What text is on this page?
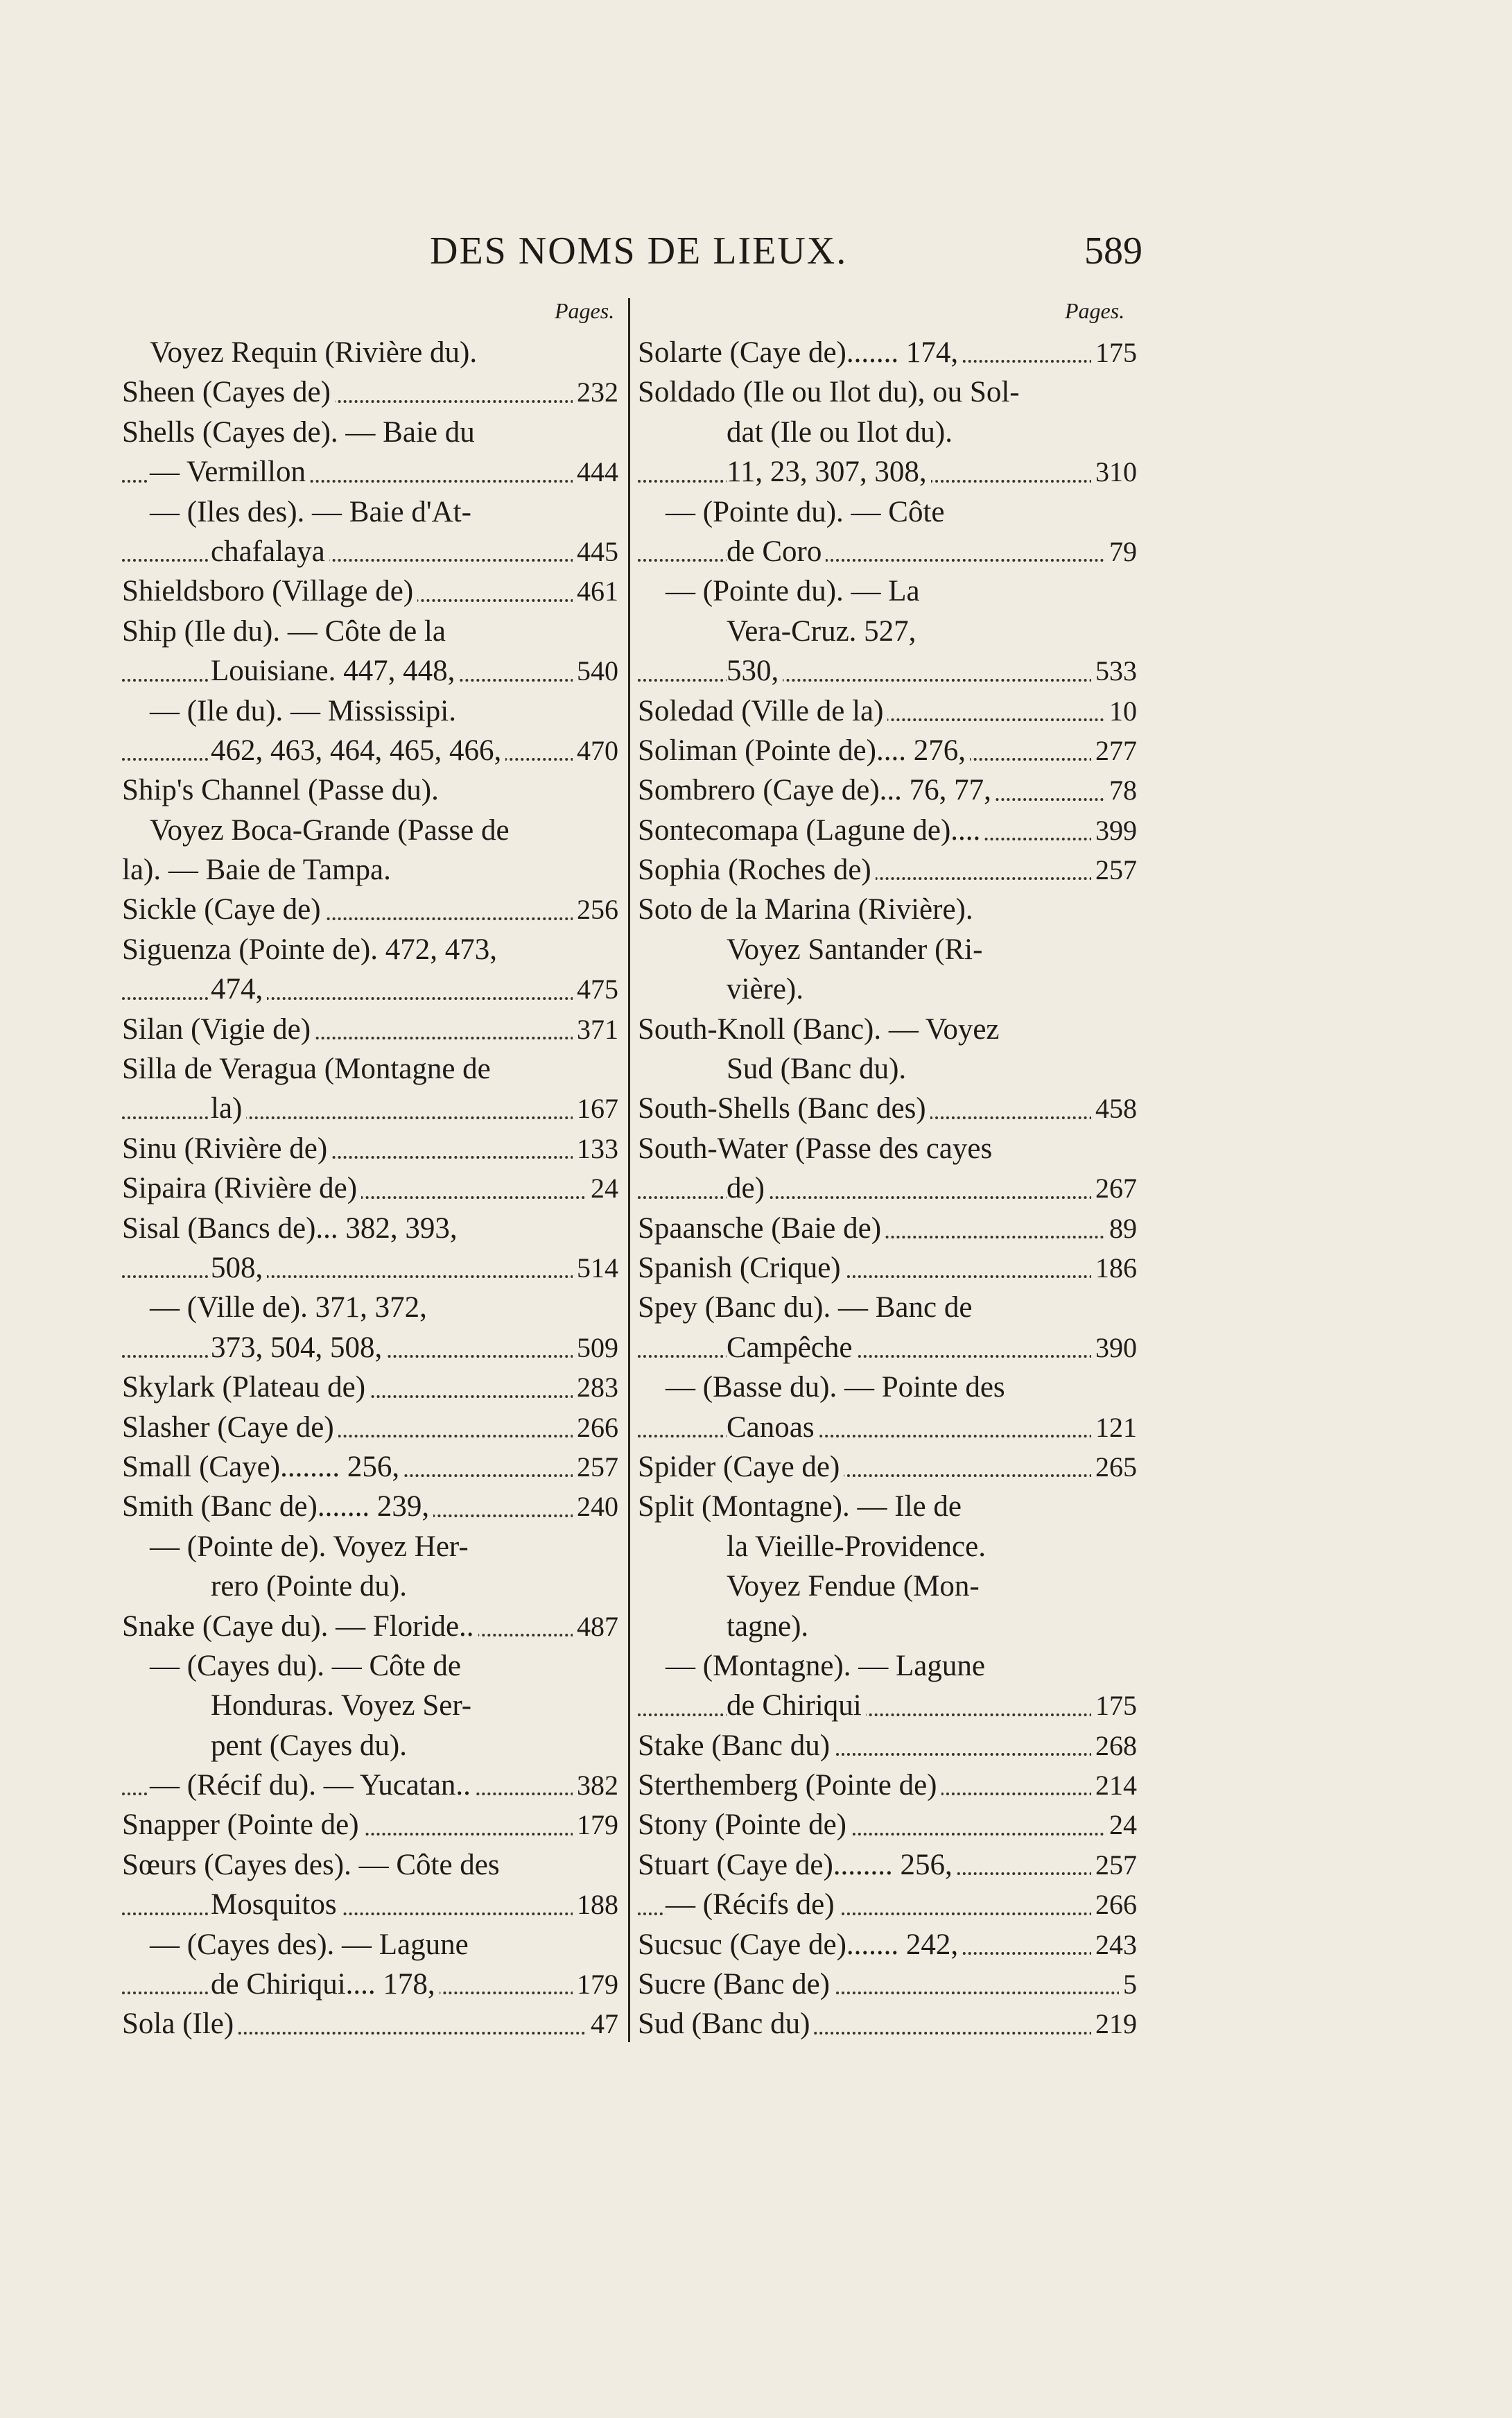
DES NOMS DE LIEUX.	589
Pages.	Pages.
Voyez Requin (Rivière du).
Sheen (Cayes de)	232
Shells (Cayes de). — Baie du
— Vermillon	444
— (Iles des). — Baie d'At-
chafalaya	445
Shieldsboro (Village de)	461
Ship (Ile du). — Côte de la
Louisiane. 447, 448,	540
— (Ile du). — Mississipi.
462, 463, 464, 465, 466,	470
Ship's Channel (Passe du).
Voyez Boca-Grande (Passe de
la). — Baie de Tampa.
Sickle (Caye de)	256
Siguenza (Pointe de). 472, 473,
474,	475
Silan (Vigie de)	371
Silla de Veragua (Montagne de
la)	167
Sinu (Rivière de)	133
Sipaira (Rivière de)	24
Sisal (Bancs de)... 382, 393,
508,	514
— (Ville de). 371, 372,
373, 504, 508,	509
Skylark (Plateau de)	283
Slasher (Caye de)	266
Small (Caye)........ 256,	257
Smith (Banc de)....... 239,	240
— (Pointe de). Voyez Her-
rero (Pointe du).
Snake (Caye du). — Floride..	487
— (Cayes du). — Côte de
Honduras. Voyez Ser-
pent (Cayes du).
— (Récif du). — Yucatan..	382
Snapper (Pointe de)	179
Sœurs (Cayes des). — Côte des
Mosquitos	188
— (Cayes des). — Lagune
de Chiriqui.... 178,	179
Sola (Ile)	47
Solarte (Caye de)....... 174,	175
Soldado (Ile ou Ilot du), ou Sol-
dat (Ile ou Ilot du).
11, 23, 307, 308,	310
— (Pointe du). — Côte
de Coro	79
— (Pointe du). — La
Vera-Cruz. 527,
530,	533
Soledad (Ville de la)	10
Soliman (Pointe de).... 276,	277
Sombrero (Caye de)... 76, 77,	78
Sontecomapa (Lagune de)....	399
Sophia (Roches de)	257
Soto de la Marina (Rivière).
Voyez Santander (Ri-
vière).
South-Knoll (Banc). — Voyez
Sud (Banc du).
South-Shells (Banc des)	458
South-Water (Passe des cayes
de)	267
Spaansche (Baie de)	89
Spanish (Crique)	186
Spey (Banc du). — Banc de
Campêche	390
— (Basse du). — Pointe des
Canoas	121
Spider (Caye de)	265
Split (Montagne). — Ile de
la Vieille-Providence.
Voyez Fendue (Mon-
tagne).
— (Montagne). — Lagune
de Chiriqui	175
Stake (Banc du)	268
Sterthemberg (Pointe de)	214
Stony (Pointe de)	24
Stuart (Caye de)........ 256,	257
— (Récifs de)	266
Sucsuc (Caye de)....... 242,	243
Sucre (Banc de)	5
Sud (Banc du)	219
